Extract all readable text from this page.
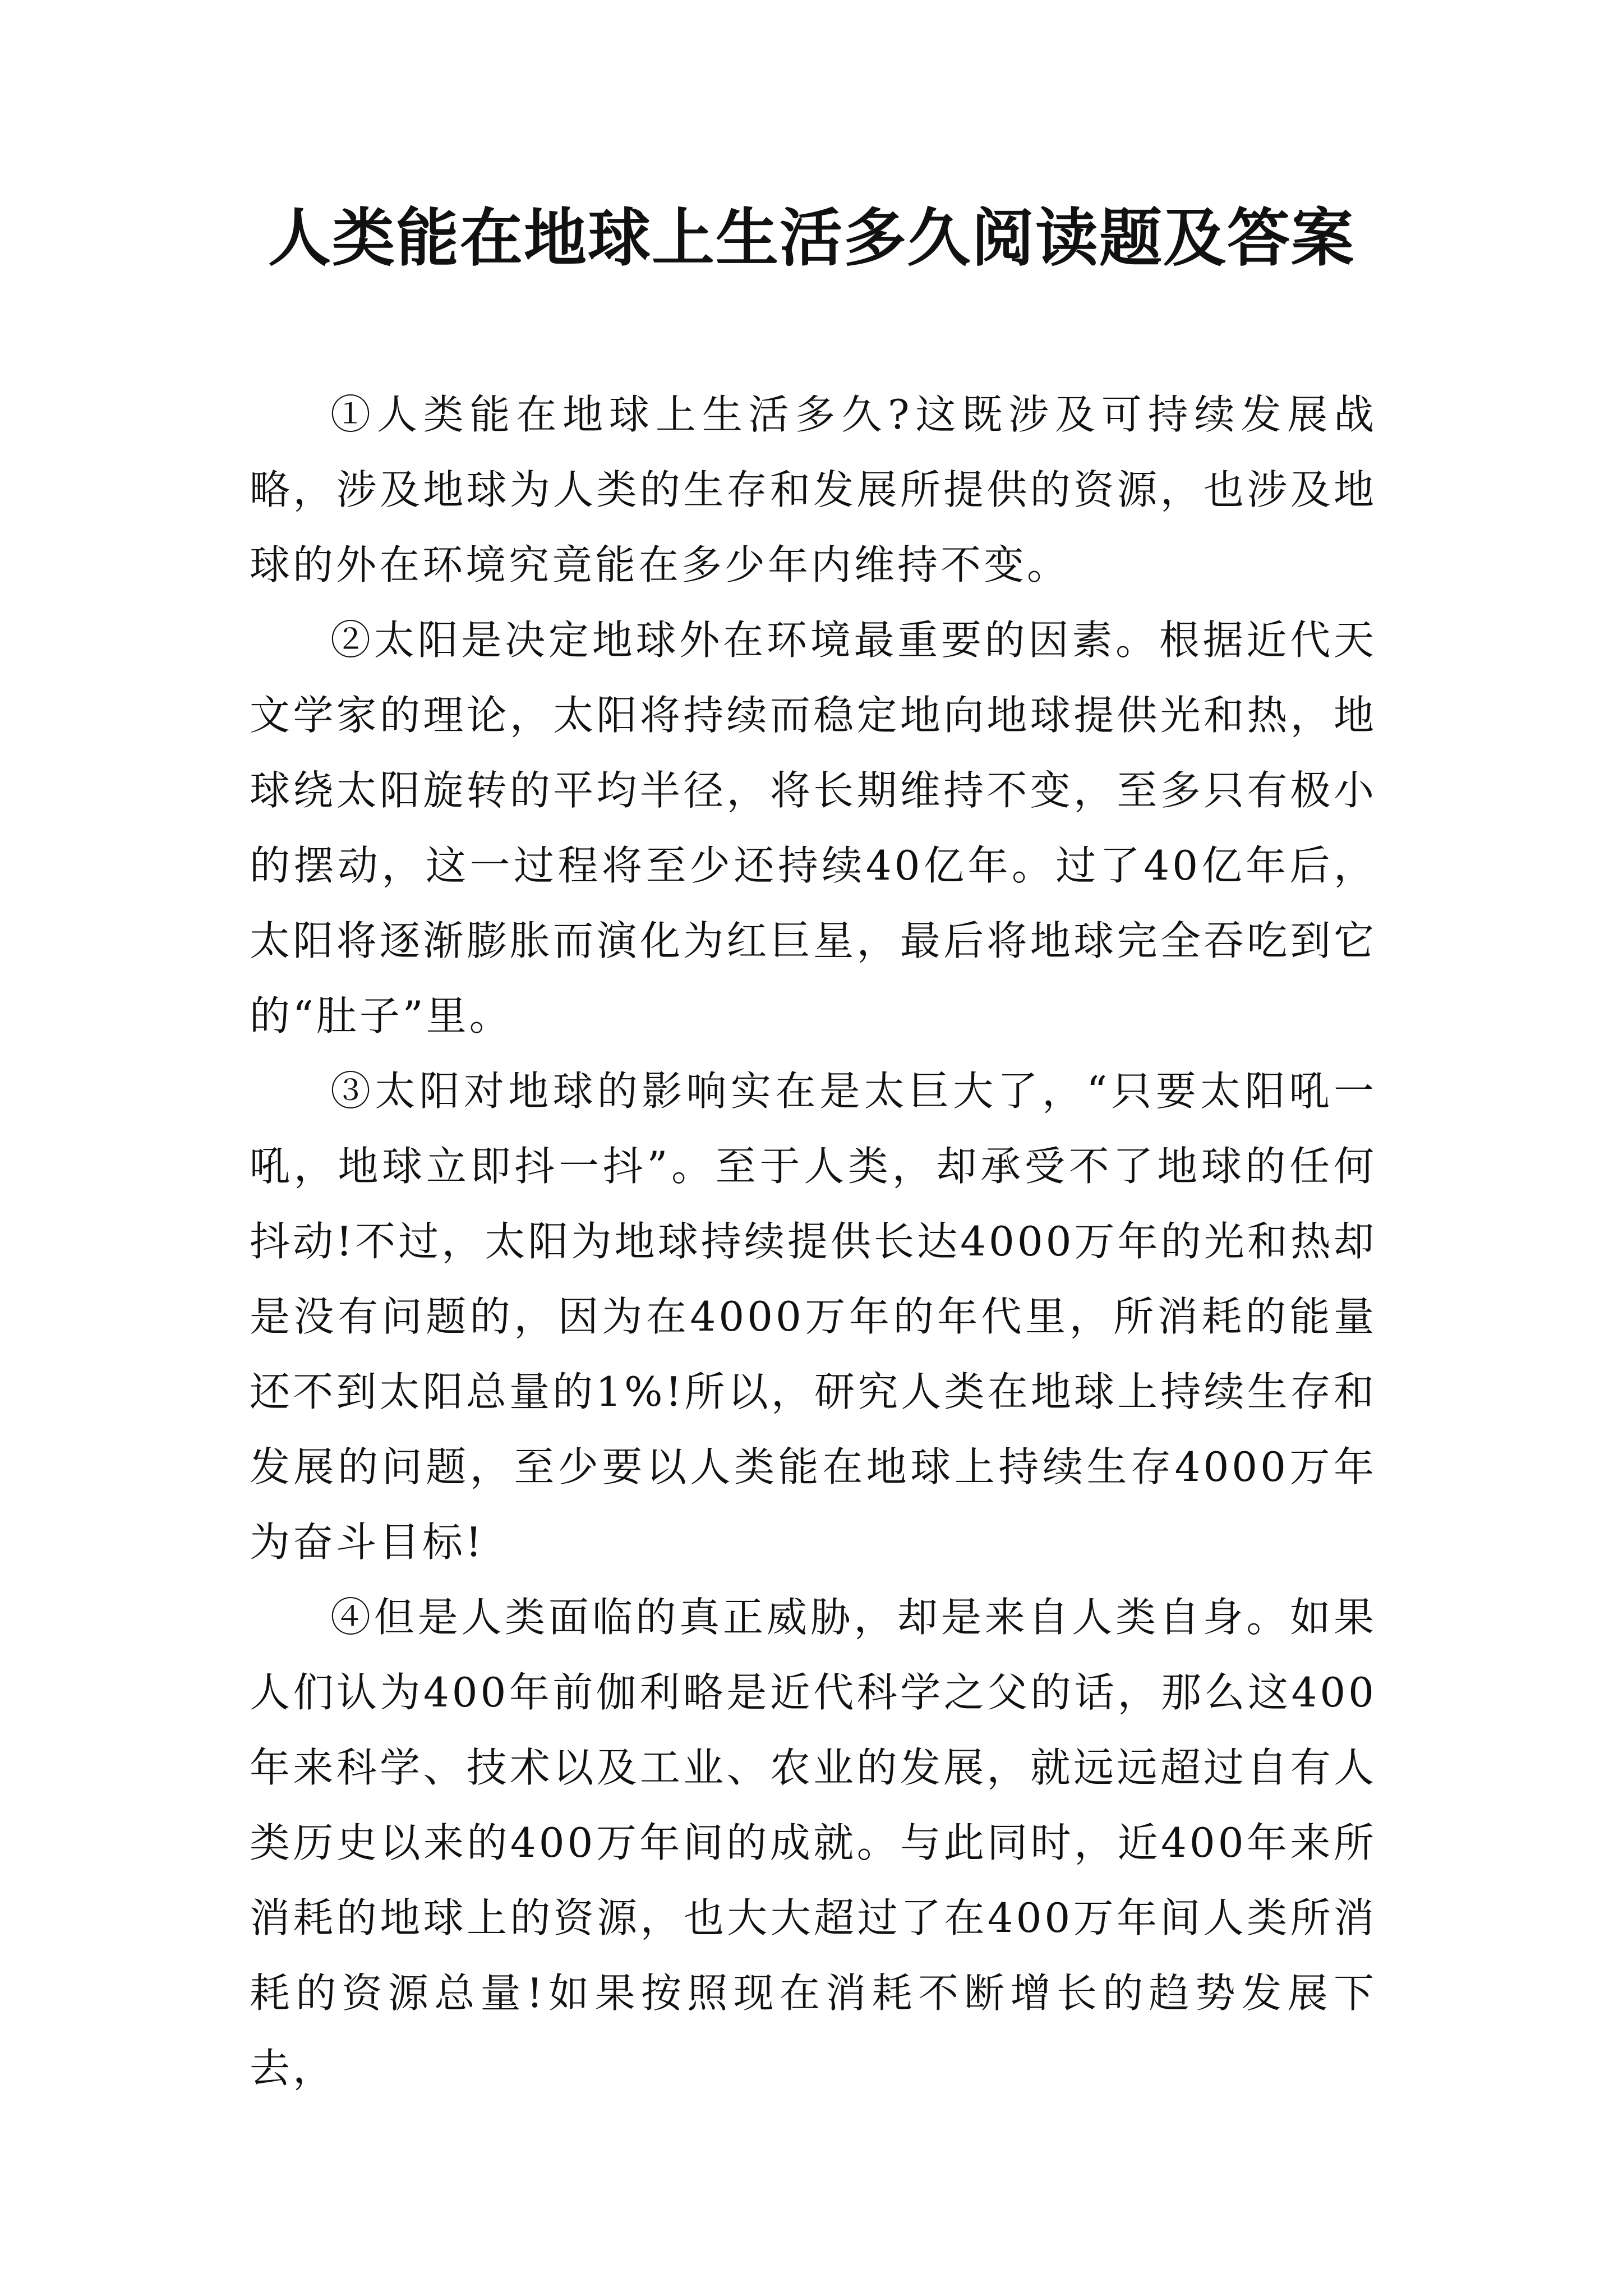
人类能在地球上生活多久阅读题及答案

①人类能在地球上生活多久?这既涉及可持续发展战略，涉及地球为人类的生存和发展所提供的资源，也涉及地球的外在环境究竟能在多少年内维持不变。

②太阳是决定地球外在环境最重要的因素。根据近代天文学家的理论，太阳将持续而稳定地向地球提供光和热，地球绕太阳旋转的平均半径，将长期维持不变，至多只有极小的摆动，这一过程将至少还持续40亿年。过了40亿年后，太阳将逐渐膨胀而演化为红巨星，最后将地球完全吞吃到它的“肚子”里。

③太阳对地球的影响实在是太巨大了，“只要太阳吼一吼，地球立即抖一抖”。至于人类，却承受不了地球的任何抖动!不过，太阳为地球持续提供长达4000万年的光和热却是没有问题的，因为在4000万年的年代里，所消耗的能量还不到太阳总量的1%!所以，研究人类在地球上持续生存和发展的问题，至少要以人类能在地球上持续生存4000万年为奋斗目标!

④但是人类面临的真正威胁，却是来自人类自身。如果人们认为400年前伽利略是近代科学之父的话，那么这400年来科学、技术以及工业、农业的发展，就远远超过自有人类历史以来的400万年间的成就。与此同时，近400年来所消耗的地球上的资源，也大大超过了在400万年间人类所消耗的资源总量!如果按照现在消耗不断增长的趋势发展下去，
